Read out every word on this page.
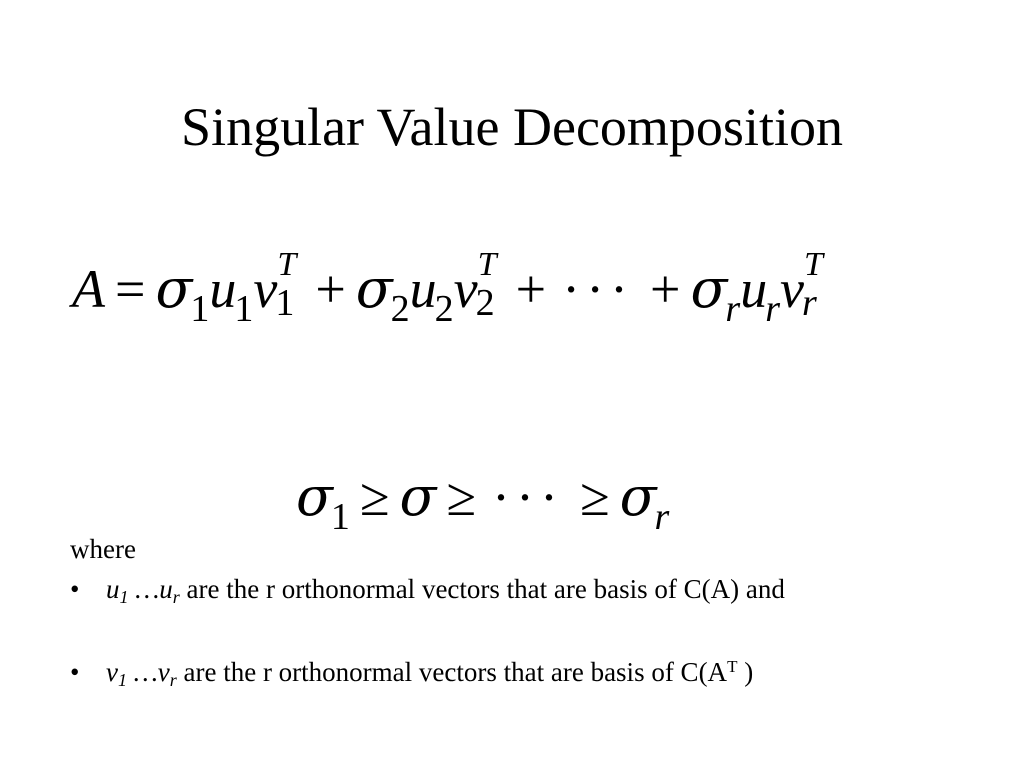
Singular Value Decomposition
$A = \sigma_1u_1v$ T
$1 + \sigma_2u_2v$ T
2 + ··· + $\sigma_ru_rv$ T
r
$\sigma_1 \ge \sigma$ ≥ ··· ≥ $\sigma_r$
where
• u1 …ur are the r orthonormal vectors that are basis of C(A) and
• v1 …vr are the r orthonormal vectors that are basis of $C(A^T$ )
